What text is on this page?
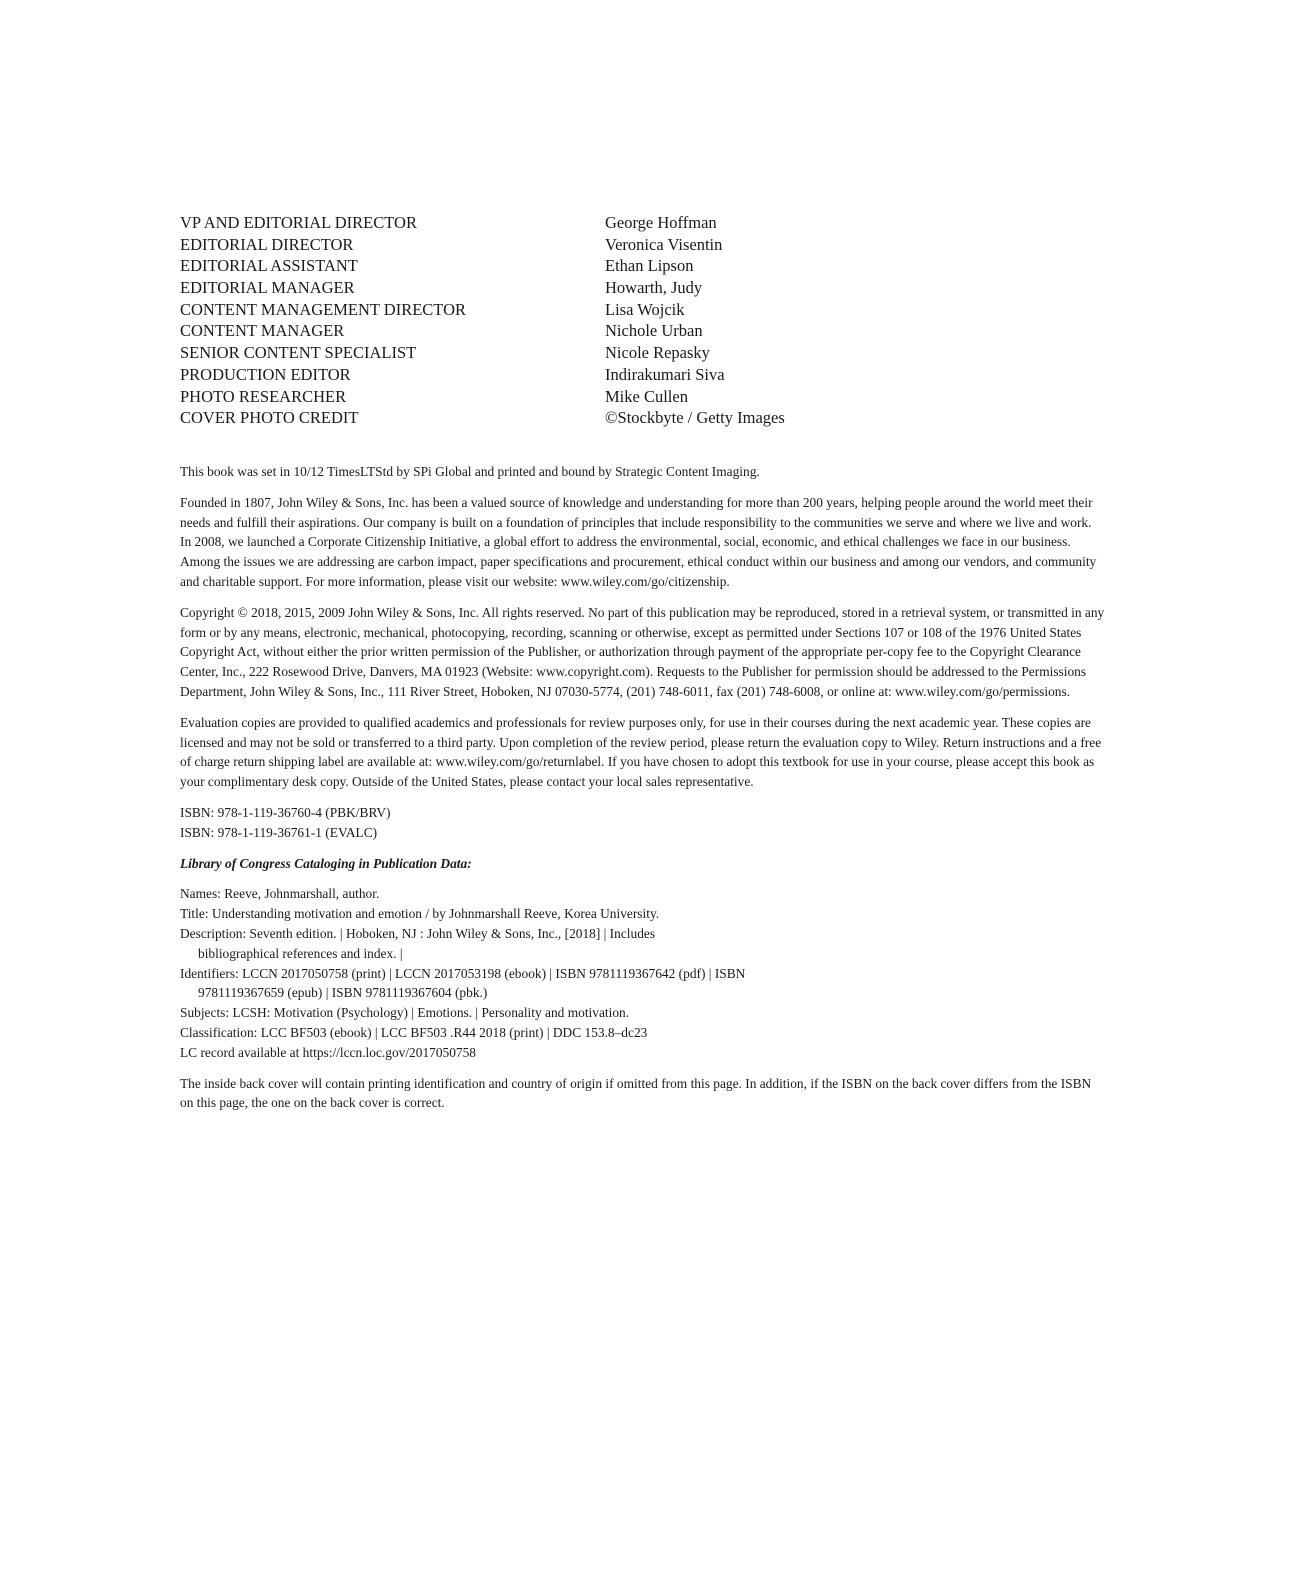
VP AND EDITORIAL DIRECTOR	George Hoffman
EDITORIAL DIRECTOR	Veronica Visentin
EDITORIAL ASSISTANT	Ethan Lipson
EDITORIAL MANAGER	Howarth, Judy
CONTENT MANAGEMENT DIRECTOR	Lisa Wojcik
CONTENT MANAGER	Nichole Urban
SENIOR CONTENT SPECIALIST	Nicole Repasky
PRODUCTION EDITOR	Indirakumari Siva
PHOTO RESEARCHER	Mike Cullen
COVER PHOTO CREDIT	©Stockbyte / Getty Images

This book was set in 10/12 TimesLTStd by SPi Global and printed and bound by Strategic Content Imaging.

Founded in 1807, John Wiley & Sons, Inc. has been a valued source of knowledge and understanding for more than 200 years, helping people around the world meet their needs and fulfill their aspirations. Our company is built on a foundation of principles that include responsibility to the communities we serve and where we live and work. In 2008, we launched a Corporate Citizenship Initiative, a global effort to address the environmental, social, economic, and ethical challenges we face in our business. Among the issues we are addressing are carbon impact, paper specifications and procurement, ethical conduct within our business and among our vendors, and community and charitable support. For more information, please visit our website: www.wiley.com/go/citizenship.

Copyright © 2018, 2015, 2009 John Wiley & Sons, Inc. All rights reserved. No part of this publication may be reproduced, stored in a retrieval system, or transmitted in any form or by any means, electronic, mechanical, photocopying, recording, scanning or otherwise, except as permitted under Sections 107 or 108 of the 1976 United States Copyright Act, without either the prior written permission of the Publisher, or authorization through payment of the appropriate per-copy fee to the Copyright Clearance Center, Inc., 222 Rosewood Drive, Danvers, MA 01923 (Website: www.copyright.com). Requests to the Publisher for permission should be addressed to the Permissions Department, John Wiley & Sons, Inc., 111 River Street, Hoboken, NJ 07030-5774, (201) 748-6011, fax (201) 748-6008, or online at: www.wiley.com/go/permissions.

Evaluation copies are provided to qualified academics and professionals for review purposes only, for use in their courses during the next academic year. These copies are licensed and may not be sold or transferred to a third party. Upon completion of the review period, please return the evaluation copy to Wiley. Return instructions and a free of charge return shipping label are available at: www.wiley.com/go/returnlabel. If you have chosen to adopt this textbook for use in your course, please accept this book as your complimentary desk copy. Outside of the United States, please contact your local sales representative.

ISBN: 978-1-119-36760-4 (PBK/BRV)
ISBN: 978-1-119-36761-1 (EVALC)
Library of Congress Cataloging in Publication Data:
Names: Reeve, Johnmarshall, author.
Title: Understanding motivation and emotion / by Johnmarshall Reeve, Korea University.
Description: Seventh edition. | Hoboken, NJ : John Wiley & Sons, Inc., [2018] | Includes bibliographical references and index. |
Identifiers: LCCN 2017050758 (print) | LCCN 2017053198 (ebook) | ISBN 9781119367642 (pdf) | ISBN 9781119367659 (epub) | ISBN 9781119367604 (pbk.)
Subjects: LCSH: Motivation (Psychology) | Emotions. | Personality and motivation.
Classification: LCC BF503 (ebook) | LCC BF503 .R44 2018 (print) | DDC 153.8–dc23
LC record available at https://lccn.loc.gov/2017050758

The inside back cover will contain printing identification and country of origin if omitted from this page. In addition, if the ISBN on the back cover differs from the ISBN on this page, the one on the back cover is correct.
